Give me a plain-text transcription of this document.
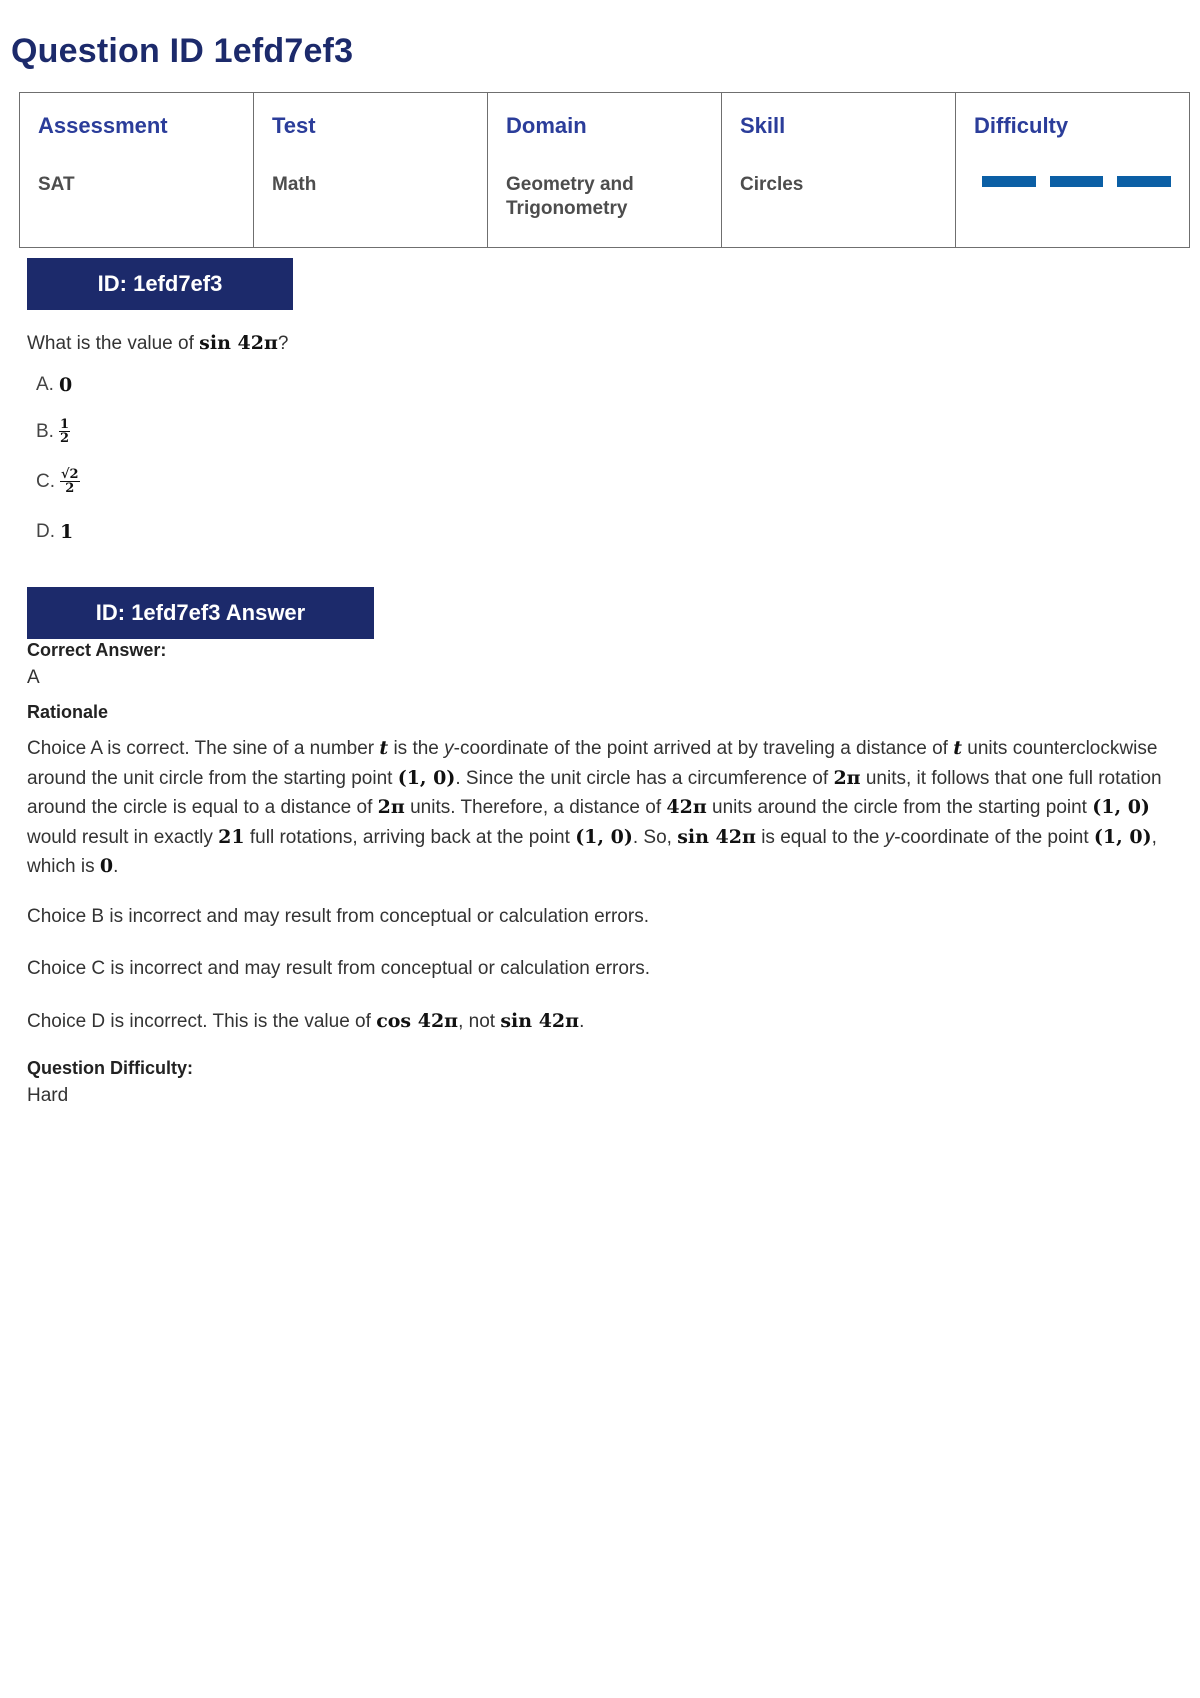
Question ID 1efd7ef3
Assessment
SAT

Test
Math

Domain
Geometry and Trigonometry

Skill
Circles

Difficulty
ID: 1efd7ef3
What is the value of sin 42π?
A. 0
B. $\frac{1}{2}$
C. $\frac{√2}{2}$
D. 1
ID: 1efd7ef3 Answer
Correct Answer:
A
Rationale

Choice A is correct. The sine of a number t is the y-coordinate of the point arrived at by traveling a distance of t units counterclockwise around the unit circle from the starting point (1, 0). Since the unit circle has a circumference of 2π units, it follows that one full rotation around the circle is equal to a distance of 2π units. Therefore, a distance of 42π units around the circle from the starting point (1, 0) would result in exactly 21 full rotations, arriving back at the point (1, 0). So, sin 42π is equal to the y-coordinate of the point (1, 0), which is 0.

Choice B is incorrect and may result from conceptual or calculation errors.

Choice C is incorrect and may result from conceptual or calculation errors.

Choice D is incorrect. This is the value of cos 42π, not sin 42π.

Question Difficulty:
Hard
